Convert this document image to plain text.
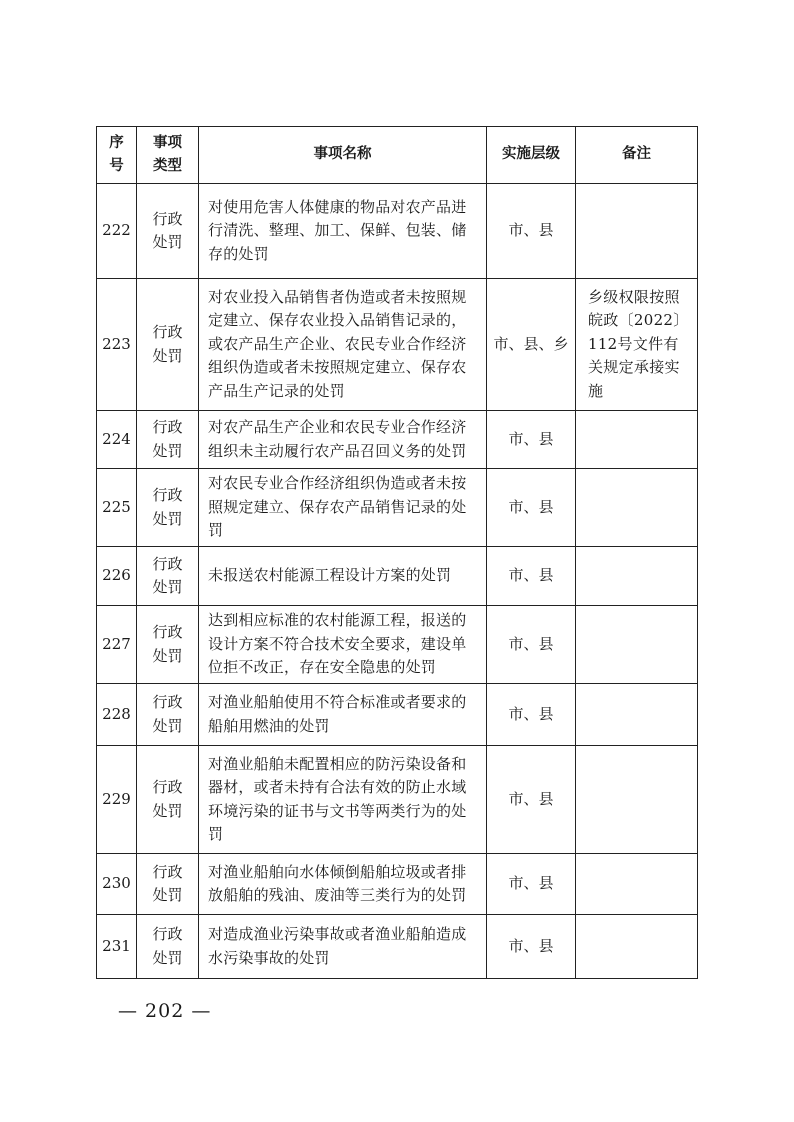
序号	事项类型	事项名称	实施层级	备注
222	行政处罚	对使用危害人体健康的物品对农产品进行清洗、整理、加工、保鲜、包装、储存的处罚	市、县	
223	行政处罚	对农业投入品销售者伪造或者未按照规定建立、保存农业投入品销售记录的，或农产品生产企业、农民专业合作经济组织伪造或者未按照规定建立、保存农产品生产记录的处罚	市、县、乡	乡级权限按照皖政〔2022〕112号文件有关规定承接实施
224	行政处罚	对农产品生产企业和农民专业合作经济组织未主动履行农产品召回义务的处罚	市、县	
225	行政处罚	对农民专业合作经济组织伪造或者未按照规定建立、保存农产品销售记录的处罚	市、县	
226	行政处罚	未报送农村能源工程设计方案的处罚	市、县	
227	行政处罚	达到相应标准的农村能源工程，报送的设计方案不符合技术安全要求，建设单位拒不改正，存在安全隐患的处罚	市、县	
228	行政处罚	对渔业船舶使用不符合标准或者要求的船舶用燃油的处罚	市、县	
229	行政处罚	对渔业船舶未配置相应的防污染设备和器材，或者未持有合法有效的防止水域环境污染的证书与文书等两类行为的处罚	市、县	
230	行政处罚	对渔业船舶向水体倾倒船舶垃圾或者排放船舶的残油、废油等三类行为的处罚	市、县	
231	行政处罚	对造成渔业污染事故或者渔业船舶造成水污染事故的处罚	市、县	
— 202 —
